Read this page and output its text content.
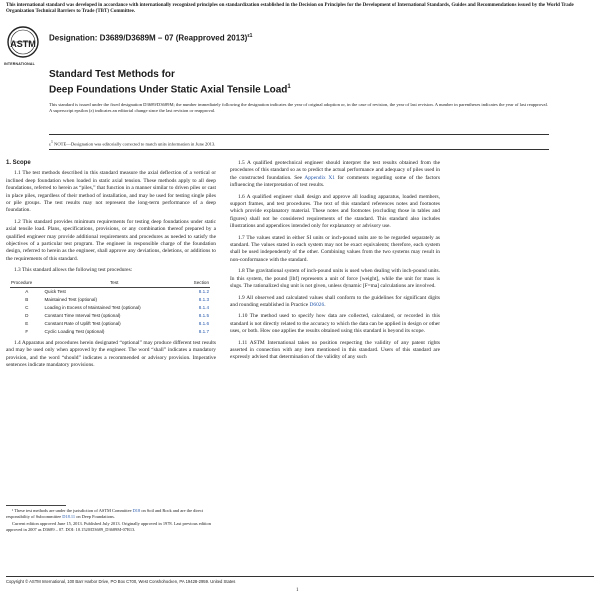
This international standard was developed in accordance with internationally recognized principles on standardization established in the Decision on Principles for the Development of International Standards, Guides and Recommendations issued by the World Trade Organization Technical Barriers to Trade (TBT) Committee.
ASTM
INTERNATIONAL
Designation: D3689/D3689M – 07 (Reapproved 2013)$^{\varepsilon 1}$
Standard Test Methods for
Deep Foundations Under Static Axial Tensile Load$^1$
This standard is issued under the fixed designation D3689/D3689M; the number immediately following the designation indicates the year of original adoption or, in the case of revision, the year of last revision. A number in parentheses indicates the year of last reapproval. A superscript epsilon (ε) indicates an editorial change since the last revision or reapproval.
$\varepsilon^1$ NOTE—Designation was editorially corrected to match units information in June 2013.
1. Scope

1.1 The test methods described in this standard measure the axial deflection of a vertical or inclined deep foundation when loaded in static axial tension. These methods apply to all deep foundations, referred to herein as “piles,” that function in a manner similar to driven piles or cast in place piles, regardless of their method of installation, and may be used for testing single piles or pile groups. The test results may not represent the long-term performance of a deep foundation.

1.2 This standard provides minimum requirements for testing deep foundations under static axial tensile load. Plans, specifications, provisions, or any combination thereof prepared by a qualified engineer may provide additional requirements and procedures as needed to satisfy the objectives of a particular test program. The engineer in responsible charge of the foundation design, referred to herein as the engineer, shall approve any deviations, deletions, or additions to the requirements of this standard.

1.3 This standard allows the following test procedures:

Procedure	Test	Section
A	Quick Test	8.1.2
B	Maintained Test (optional)	8.1.3
C	Loading in Excess of Maintained Test (optional)	8.1.4
D	Constant Time Interval Test (optional)	8.1.5
E	Constant Rate of Uplift Test (optional)	8.1.6
F	Cyclic Loading Test (optional)	8.1.7

1.4 Apparatus and procedures herein designated “optional” may produce different test results and may be used only when approved by the engineer. The word “shall” indicates a mandatory provision, and the word “should” indicates a recommended or advisory provision. Imperative sentences indicate mandatory provisions.

1.5 A qualified geotechnical engineer should interpret the test results obtained from the procedures of this standard so as to predict the actual performance and adequacy of piles used in the constructed foundation. See Appendix X1 for comments regarding some of the factors influencing the interpretation of test results.

1.6 A qualified engineer shall design and approve all loading apparatus, loaded members, support frames, and test procedures. The text of this standard references notes and footnotes which provide explanatory material. These notes and footnotes (excluding those in tables and figures) shall not be considered requirements of the standard. This standard also includes illustrations and appendices intended only for explanatory or advisory use.

1.7 The values stated in either SI units or inch-pound units are to be regarded separately as standard. The values stated in each system may not be exact equivalents; therefore, each system shall be used independently of the other. Combining values from the two systems may result in non-conformance with the standard.

1.8 The gravitational system of inch-pound units is used when dealing with inch-pound units. In this system, the pound [lbf] represents a unit of force [weight], while the unit for mass is slugs. The rationalized slug unit is not given, unless dynamic [F=ma] calculations are involved.

1.9 All observed and calculated values shall conform to the guidelines for significant digits and rounding established in Practice D6026.

1.10 The method used to specify how data are collected, calculated, or recorded in this standard is not directly related to the accuracy to which the data can be applied in design or other uses, or both. How one applies the results obtained using this standard is beyond its scope.

1.11 ASTM International takes no position respecting the validity of any patent rights asserted in connection with any item mentioned in this standard. Users of this standard are expressly advised that determination of the validity of any such

¹ These test methods are under the jurisdiction of ASTM Committee D18 on Soil and Rock and are the direct responsibility of Subcommittee D18.11 on Deep Foundations.

Current edition approved June 15, 2013. Published July 2013. Originally approved in 1978. Last previous edition approved in 2007 as D3689 – 07. DOI: 10.1520/D3689_D3689M-07R13.

Copyright © ASTM International, 100 Barr Harbor Drive, PO Box C700, West Conshohocken, PA 19428-2959. United States
1
